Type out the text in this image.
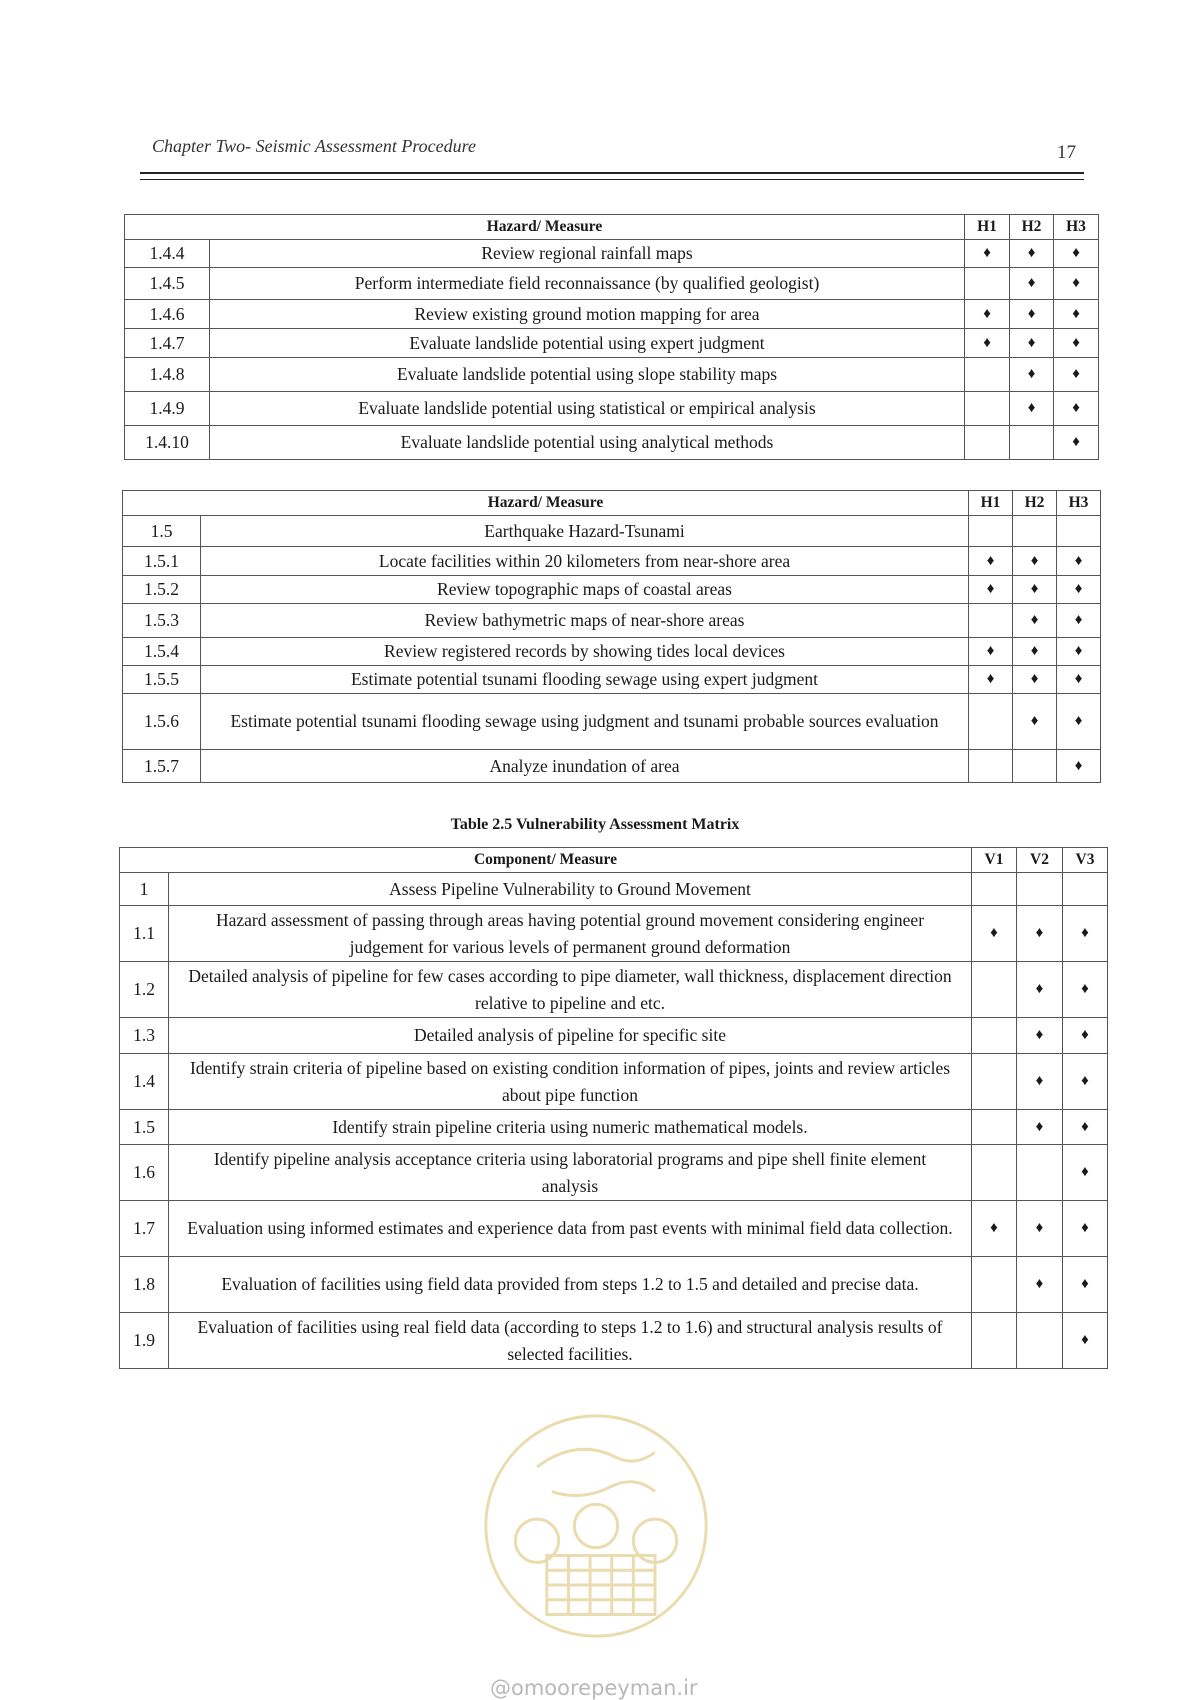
Chapter Two- Seismic Assessment Procedure	17
Hazard/ Measure		H1	H2	H3
1.4.4	Review regional rainfall maps	♦	♦	♦
1.4.5	Perform intermediate field reconnaissance (by qualified geologist)		♦	♦
1.4.6	Review existing ground motion mapping for area	♦	♦	♦
1.4.7	Evaluate landslide potential using expert judgment	♦	♦	♦
1.4.8	Evaluate landslide potential using slope stability maps		♦	♦
1.4.9	Evaluate landslide potential using statistical or empirical analysis		♦	♦
1.4.10	Evaluate landslide potential using analytical methods			♦
Hazard/ Measure		H1	H2	H3
1.5	Earthquake Hazard-Tsunami			
1.5.1	Locate facilities within 20 kilometers from near-shore area	♦	♦	♦
1.5.2	Review topographic maps of coastal areas	♦	♦	♦
1.5.3	Review bathymetric maps of near-shore areas		♦	♦
1.5.4	Review registered records by showing tides local devices	♦	♦	♦
1.5.5	Estimate potential tsunami flooding sewage using expert judgment	♦	♦	♦
1.5.6	Estimate potential tsunami flooding sewage using judgment and tsunami probable sources evaluation		♦	♦
1.5.7	Analyze inundation of area			♦
Table 2.5 Vulnerability Assessment Matrix
Component/ Measure		V1	V2	V3
1	Assess Pipeline Vulnerability to Ground Movement			
1.1	Hazard assessment of passing through areas having potential ground movement considering engineer judgement for various levels of permanent ground deformation	♦	♦	♦
1.2	Detailed analysis of pipeline for few cases according to pipe diameter, wall thickness, displacement direction relative to pipeline and etc.		♦	♦
1.3	Detailed analysis of pipeline for specific site		♦	♦
1.4	Identify strain criteria of pipeline based on existing condition information of pipes, joints and review articles about pipe function		♦	♦
1.5	Identify strain pipeline criteria using numeric mathematical models.		♦	♦
1.6	Identify pipeline analysis acceptance criteria using laboratorial programs and pipe shell finite element analysis			♦
1.7	Evaluation using informed estimates and experience data from past events with minimal field data collection.	♦	♦	♦
1.8	Evaluation of facilities using field data provided from steps 1.2 to 1.5 and detailed and precise data.		♦	♦
1.9	Evaluation of facilities using real field data (according to steps 1.2 to 1.6) and structural analysis results of selected facilities.			♦
@omoorepeyman.ir
